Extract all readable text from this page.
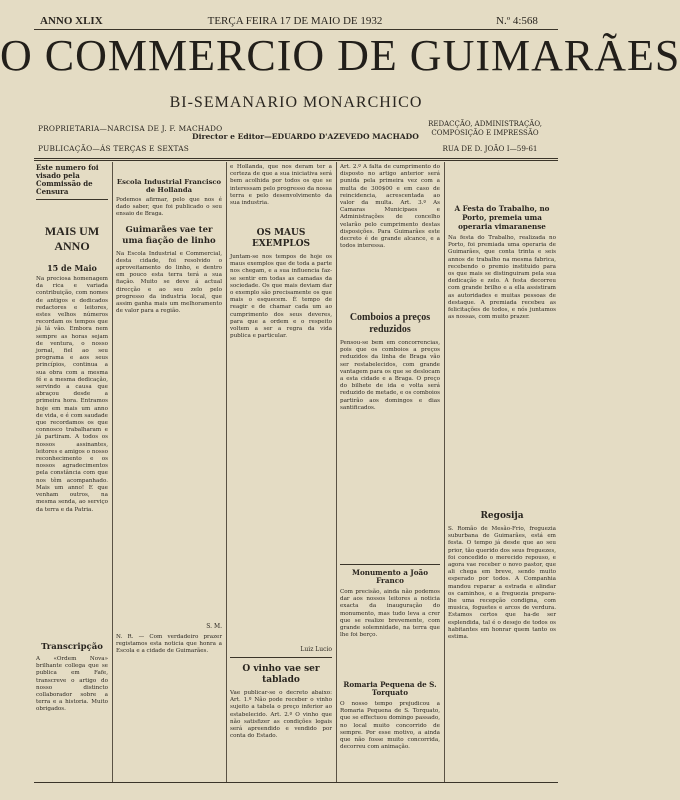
ANNO XLIX	TERÇA FEIRA 17 DE MAIO DE 1932	N.º 4:568
O COMMERCIO DE GUIMARÃES
BI-SEMANARIO MONARCHICO
PROPRIETARIA—NARCISA DE J. F. MACHADO
PUBLICAÇÃO—ÁS TERÇAS E SEXTAS
Director e Editor—EDUARDO D'AZEVEDO MACHADO
REDACÇÃO, ADMINISTRAÇÃO, COMPOSIÇÃO E IMPRESSÃO
RUA DE D. JOÃO I—59-61
Este numero foi visado pela Commissão de Censura
MAIS UM ANNO
15 de Maio
Na preciosa homenagem da rica e variada contribuição, com nomes de antigos e dedicados redactores e leitores, estes velhos números recordam os tempos que já lá vão. Embora nem sempre as horas sejam de ventura, o nosso jornal, fiel ao seu programa e aos seus princípios, continua a sua obra com a mesma fé e a mesma dedicação, servindo a causa que abraçou desde a primeira hora. Entramos hoje em mais um anno de vida, e é com saudade que recordamos os que connosco trabalharam e já partiram. A todos os nossos assinantes, leitores e amigos o nosso reconhecimento e os nossos agradecimentos pela constância com que nos têm acompanhado. Mais um anno! E que venham outros, na mesma senda, ao serviço da terra e da Patria.
Transcripção
A «Ordem Nova» brilhante collega que se publica em Fafe, transcreve o artigo do nosso distincto collaborador sobre a terra e a historia. Muito obrigados.
Escola Industrial Francisco de Hollanda
Podemos afirmar, pelo que nos é dado saber, que foi publicado o seu ensaio de Braga.
Guimarães vae ter uma fiação de linho
Na Escola Industrial e Commercial, desta cidade, foi resolvido o aproveitamento do linho, e dentro em pouco esta terra terá a sua fiação. Muito se deve á actual direcção e ao seu zelo pelo progresso da industria local, que assim ganha mais um melhoramento de valor para a região.
S. M.
N. R. — Com verdadeiro prazer registamos esta noticia que honra a Escola e a cidade de Guimarães.
e Hollanda, que nos deram ter a certeza de que a sua iniciativa será bem acolhida por todos os que se interessam pelo progresso da nossa terra e pelo desenvolvimento da sua industria.
OS MAUS EXEMPLOS
Juntam-se nos tempos de hoje os maus exemplos que de toda a parte nos chegam, e a sua influencia faz-se sentir em todas as camadas da sociedade. Os que mais deviam dar o exemplo são precisamente os que mais o esquecem. É tempo de reagir e de chamar cada um ao cumprimento dos seus deveres, para que a ordem e o respeito voltem a ser a regra da vida publica e particular.
Luiz Lucio
O vinho vae ser tablado
Vae publicar-se o decreto abaixo: Art. 1.º Não pode receber o vinho sujeito a tabela o preço inferior ao estabelecido. Art. 2.º O vinho que não satisfizer as condições legais será apreendido e vendido por conta do Estado.
Art. 2.º A falta de cumprimento do disposto no artigo anterior será punida pela primeira vez com a multa de 300$00 e em caso de reincidencia, acrescentada ao valor da multa. Art. 3.º As Camaras Municipaes e Administrações de concelho velarão pelo cumprimento destas disposições. Para Guimarães este decreto é de grande alcance, e a todos interessa.
Comboios a preços reduzidos
Pensou-se bem em concorrencias, pois que os comboios a preços reduzidos da linha de Braga vão ser restabelecidos, com grande vantagem para os que se deslocam a esta cidade e a Braga. O preço do bilhete de ida e volta será reduzido de metade, e os comboios partirão aos domingos e dias santificados.
Monumento a João Franco
Com precisão, ainda não podemos dar aos nossos leitores a noticia exacta da inauguração do monumento, mas tudo leva a crer que se realize brevemente, com grande solemnidade, na terra que lhe foi berço.
Romaria Pequena de S. Torquato
O nosso tempo prejudicou a Romaria Pequena de S. Torquato, que se effectuou domingo passado, no local muito concorrido de sempre. Por esse motivo, a ainda que não fosse muito concorrida, decorreu com animação.
A Festa do Trabalho, no Porto, premeia uma operaria vimaranense
Na festa do Trabalho, realizada no Porto, foi premiada uma operaria de Guimarães, que conta trinta e seis annos de trabalho na mesma fabrica, recebendo o premio instituido para os que mais se distinguiram pela sua dedicação e zelo. A festa decorreu com grande brilho e a ella assistiram as autoridades e muitas pessoas de destaque. A premiada recebeu as felicitações de todos, e nós juntamos as nossas, com muito prazer.
Regosija
S. Romão de Mesão-Frio, freguezia suburbana de Guimarães, está em festa. O tempo já desde que ao seu prior, tão querido dos seus freguezes, foi concedido o merecido repouso, e agora vae receber o novo pastor, que ali chega em breve, sendo muito esperado por todos. A Companhia mandou reparar a estrada e alindar os caminhos, e a freguezia prepara-lhe uma recepção condigna, com musica, foguetes e arcos de verdura. Estamos certos que ha-de ser esplendida, tal é o desejo de todos os habitantes em honrar quem tanto os estima.
